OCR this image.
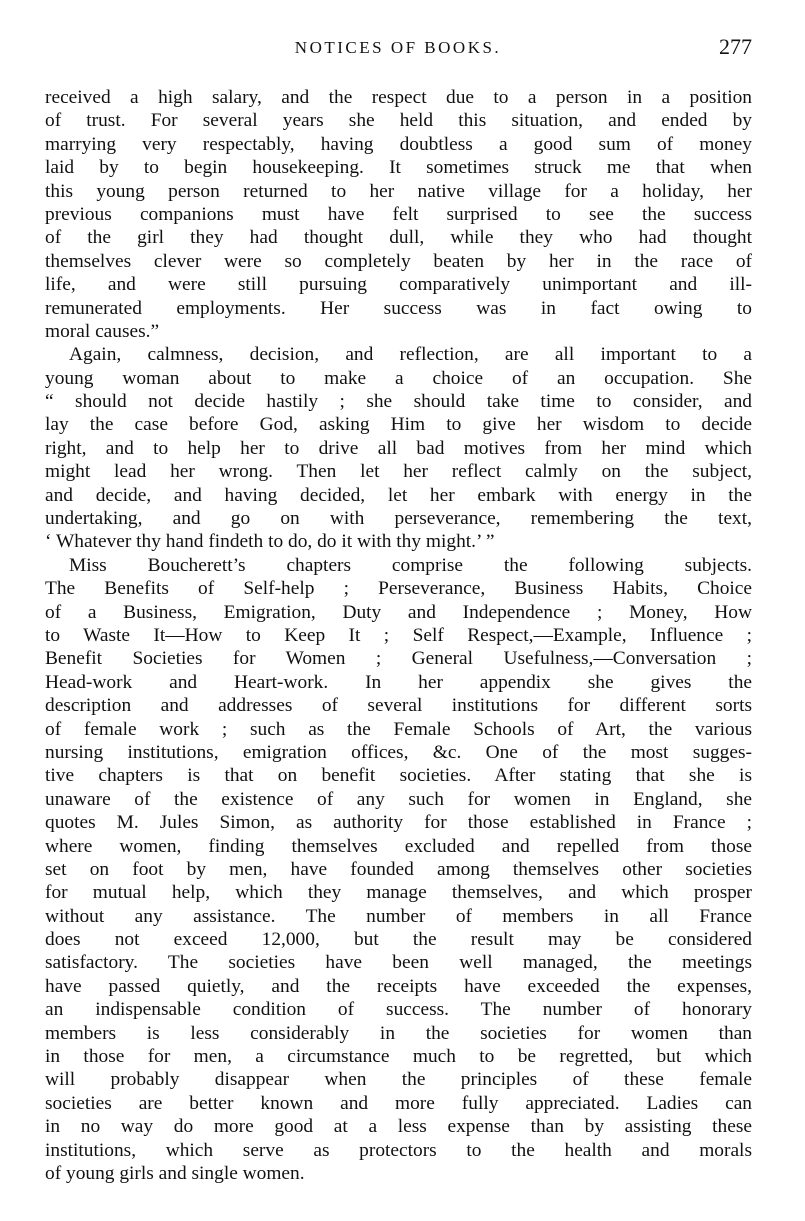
NOTICES OF BOOKS.	277
received a high salary, and the respect due to a person in a position
of trust. For several years she held this situation, and ended by
marrying very respectably, having doubtless a good sum of money
laid by to begin housekeeping. It sometimes struck me that when
this young person returned to her native village for a holiday, her
previous companions must have felt surprised to see the success
of the girl they had thought dull, while they who had thought
themselves clever were so completely beaten by her in the race of
life, and were still pursuing comparatively unimportant and ill-
remunerated employments. Her success was in fact owing to
moral causes.”
Again, calmness, decision, and reflection, are all important to a
young woman about to make a choice of an occupation. She
“ should not decide hastily ; she should take time to consider, and
lay the case before God, asking Him to give her wisdom to decide
right, and to help her to drive all bad motives from her mind which
might lead her wrong. Then let her reflect calmly on the subject,
and decide, and having decided, let her embark with energy in the
undertaking, and go on with perseverance, remembering the text,
‘ Whatever thy hand findeth to do, do it with thy might.’ ”
Miss Boucherett’s chapters comprise the following subjects.
The Benefits of Self-help ; Perseverance, Business Habits, Choice
of a Business, Emigration, Duty and Independence ; Money, How
to Waste It—How to Keep It ; Self Respect,—Example, Influence ;
Benefit Societies for Women ; General Usefulness,—Conversation ;
Head-work and Heart-work. In her appendix she gives the
description and addresses of several institutions for different sorts
of female work ; such as the Female Schools of Art, the various
nursing institutions, emigration offices, &c. One of the most sugges-
tive chapters is that on benefit societies. After stating that she is
unaware of the existence of any such for women in England, she
quotes M. Jules Simon, as authority for those established in France ;
where women, finding themselves excluded and repelled from those
set on foot by men, have founded among themselves other societies
for mutual help, which they manage themselves, and which prosper
without any assistance. The number of members in all France
does not exceed 12,000, but the result may be considered
satisfactory. The societies have been well managed, the meetings
have passed quietly, and the receipts have exceeded the expenses,
an indispensable condition of success. The number of honorary
members is less considerably in the societies for women than
in those for men, a circumstance much to be regretted, but which
will probably disappear when the principles of these female
societies are better known and more fully appreciated. Ladies can
in no way do more good at a less expense than by assisting these
institutions, which serve as protectors to the health and morals
of young girls and single women.
